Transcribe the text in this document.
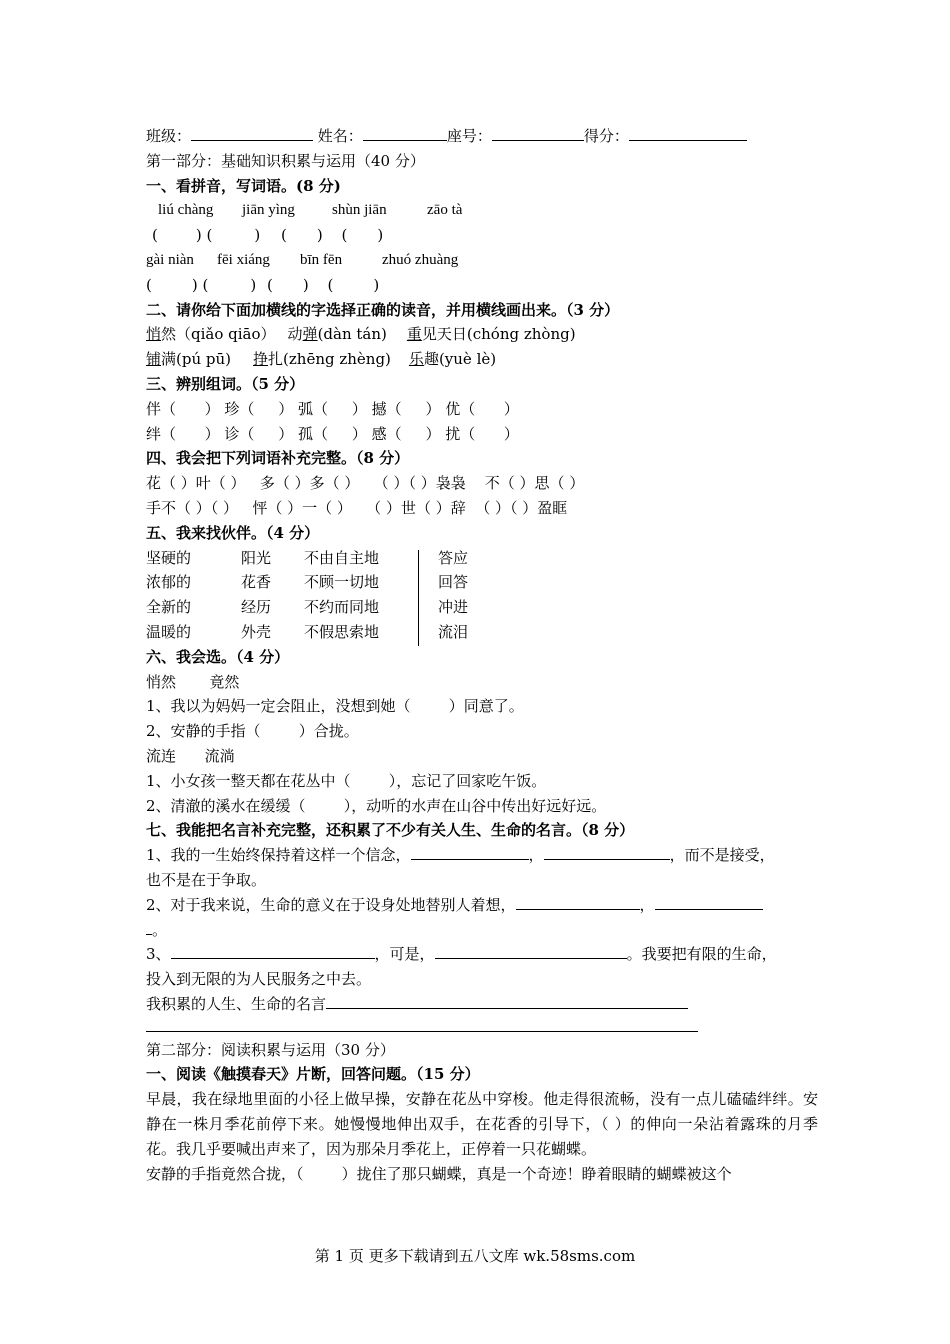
班级：	姓名：	座号：	得分：
第一部分：基础知识积累与运用（40 分）
一、看拼音，写词语。(8 分)
liú chàng jiān yìng shùn jiān	zāo tà
(	) (	) ( ) ( )
gài niàn fēi xiáng bīn fēn	zhuó zhuàng
(	) (	) ( ) (	)
二、请你给下面加横线的字选择正确的读音，并用横线画出来。（3 分）
悄然（qiǎo qiāo） 动弹(dàn tán) 重见天日(chóng zhòng)
铺满(pú pū) 挣扎(zhēng zhèng) 乐趣(yuè lè)
三、辨别组词。（5 分）
伴（      ） 珍（     ） 弧（     ） 撼（     ） 优（      ）
绊（      ） 诊（     ） 孤（     ） 感（     ） 扰（      ）
四、我会把下列词语补充完整。（8 分）
花（ ）叶（ ）   多（ ）多（ ）   （ ）（ ）袅袅    不（ ）思（ ）
手不（ ）（ ）   怦（ ）一（ ）   （ ）世（ ）辞  （ ）（ ）盈眶
五、我来找伙伴。（4 分）
坚硬的	阳光 不由自主地	答应
浓郁的	花香 不顾一切地	回答
全新的	经历 不约而同地	冲进
温暖的	外壳 不假思索地	流泪
六、我会选。（4 分）
悄然       竟然
1、我以为妈妈一定会阻止，没想到她（        ）同意了。
2、安静的手指（        ）合拢。
流连      流淌
1、小女孩一整天都在花丛中（        ），忘记了回家吃午饭。
2、清澈的溪水在缓缓（        ），动听的水声在山谷中传出好远好远。
七、我能把名言补充完整，还积累了不少有关人生、生命的名言。（8 分）
1、我的一生始终保持着这样一个信念，	，	，而不是接受，
也不是在于争取。
2、对于我来说，生命的意义在于设身处地替别人着想，	，
。
3、	，可是，	。我要把有限的生命，
投入到无限的为人民服务之中去。
我积累的人生、生命的名言
第二部分：阅读积累与运用（30 分）
一、阅读《触摸春天》片断，回答问题。（15 分）
早晨，我在绿地里面的小径上做早操，安静在花丛中穿梭。他走得很流畅，没有一点儿磕磕绊绊。安静在一株月季花前停下来。她慢慢地伸出双手，在花香的引导下，（ ）的伸向一朵沾着露珠的月季花。我几乎要喊出声来了，因为那朵月季花上，正停着一只花蝴蝶。
安静的手指竟然合拢，（        ）拢住了那只蝴蝶，真是一个奇迹！睁着眼睛的蝴蝶被这个
第 1 页 更多下载请到五八文库 wk.58sms.com
